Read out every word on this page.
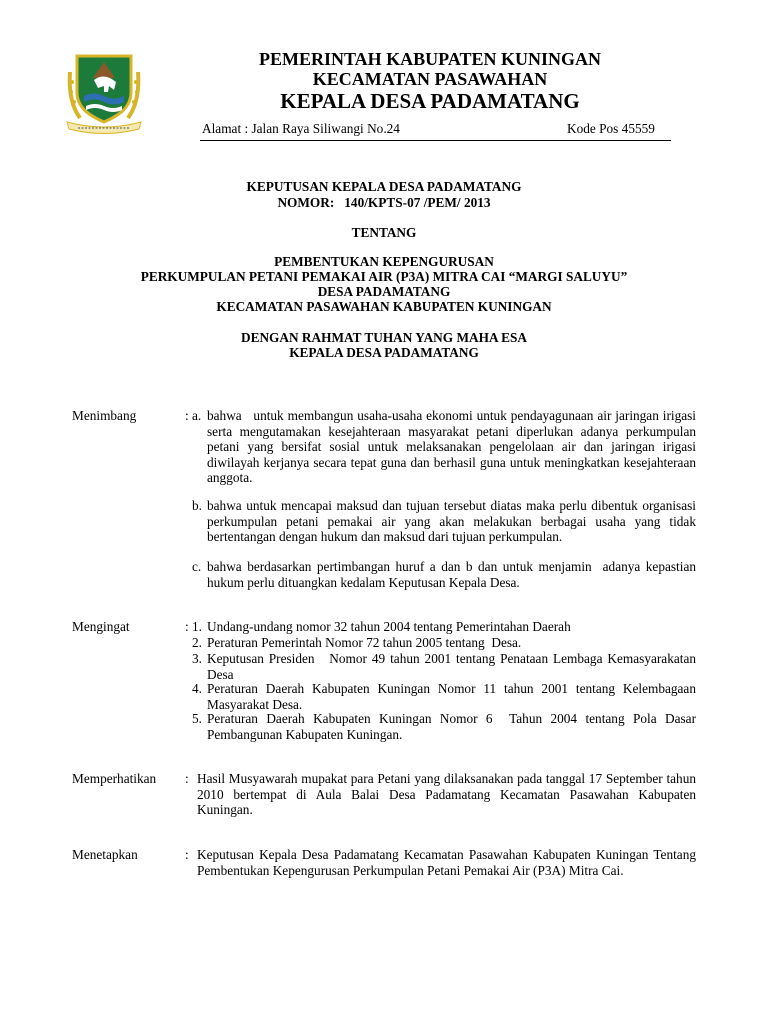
PEMERINTAH KABUPATEN KUNINGAN
KECAMATAN PASAWAHAN
KEPALA DESA PADAMATANG
Alamat : Jalan Raya Siliwangi No.24	Kode Pos 45559
KEPUTUSAN KEPALA DESA PADAMATANG
NOMOR:   140/KPTS-07 /PEM/ 2013
TENTANG
PEMBENTUKAN KEPENGURUSAN
PERKUMPULAN PETANI PEMAKAI AIR (P3A) MITRA CAI “MARGI SALUYU”
DESA PADAMATANG
KECAMATAN PASAWAHAN KABUPATEN KUNINGAN
DENGAN RAHMAT TUHAN YANG MAHA ESA
KEPALA DESA PADAMATANG
Menimbang	: a. bahwa   untuk membangun usaha-usaha ekonomi untuk pendayagunaan air jaringan irigasi serta mengutamakan kesejahteraan masyarakat petani diperlukan adanya perkumpulan petani yang bersifat sosial untuk melaksanakan pengelolaan air dan jaringan irigasi diwilayah kerjanya secara tepat guna dan berhasil guna untuk meningkatkan kesejahteraan anggota.
b. bahwa untuk mencapai maksud dan tujuan tersebut diatas maka perlu dibentuk organisasi perkumpulan petani pemakai air yang akan melakukan berbagai usaha yang tidak bertentangan dengan hukum dan maksud dari tujuan perkumpulan.
c. bahwa berdasarkan pertimbangan huruf a dan b dan untuk menjamin  adanya kepastian hukum perlu dituangkan kedalam Keputusan Kepala Desa.
Mengingat	: 1. Undang-undang nomor 32 tahun 2004 tentang Pemerintahan Daerah
2. Peraturan Pemerintah Nomor 72 tahun 2005 tentang  Desa.
3. Keputusan Presiden   Nomor 49 tahun 2001 tentang Penataan Lembaga Kemasyarakatan Desa
4. Peraturan Daerah Kabupaten Kuningan Nomor 11 tahun 2001 tentang Kelembagaan Masyarakat Desa.
5. Peraturan Daerah Kabupaten Kuningan Nomor 6  Tahun 2004 tentang Pola Dasar Pembangunan Kabupaten Kuningan.
Memperhatikan : Hasil Musyawarah mupakat para Petani yang dilaksanakan pada tanggal 17 September tahun 2010 bertempat di Aula Balai Desa Padamatang Kecamatan Pasawahan Kabupaten Kuningan.
Menetapkan	: Keputusan Kepala Desa Padamatang Kecamatan Pasawahan Kabupaten Kuningan Tentang Pembentukan Kepengurusan Perkumpulan Petani Pemakai Air (P3A) Mitra Cai.
